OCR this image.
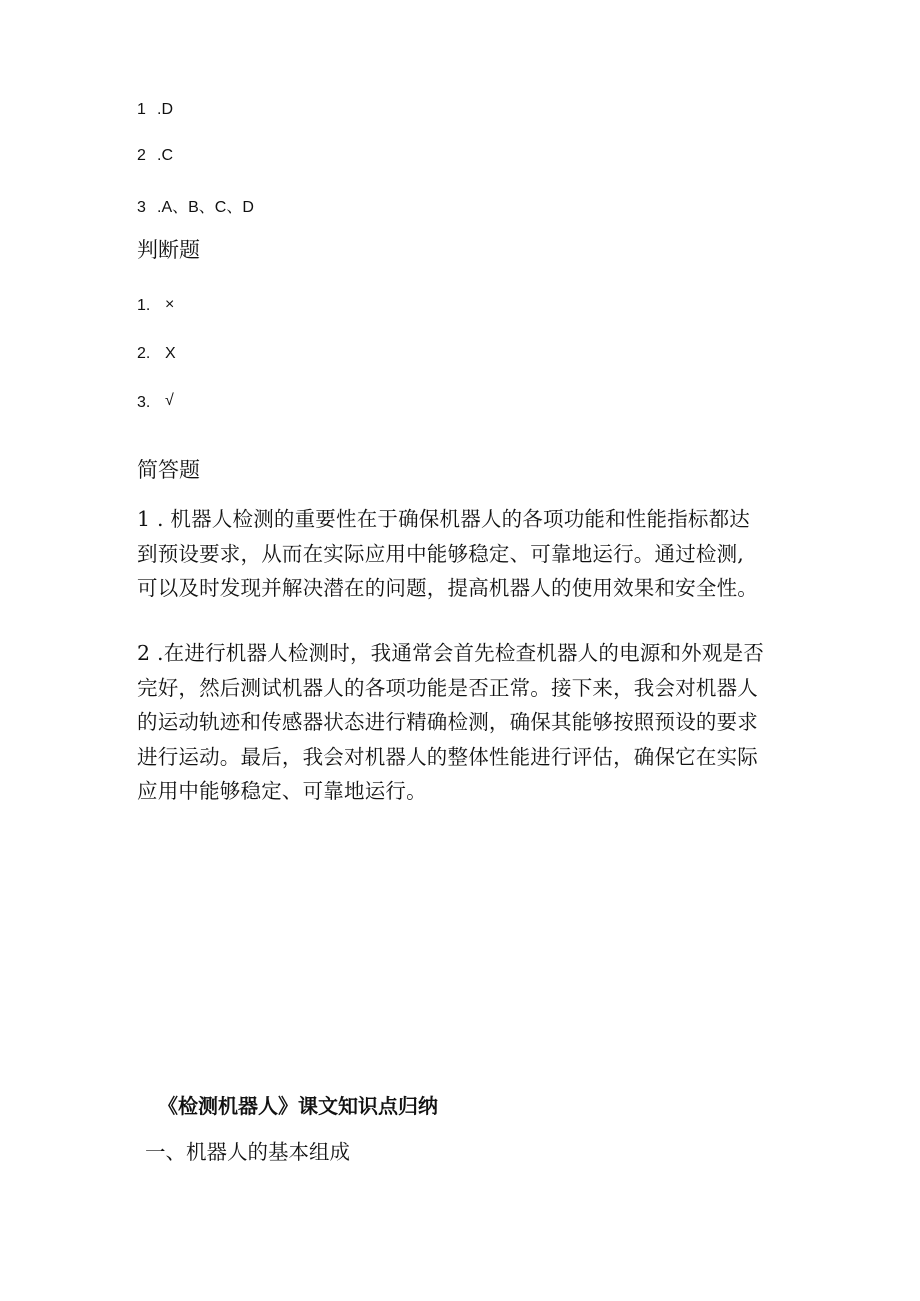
1 .D
2 .C
3 .A、B、C、D
判断题
1. ×
2. X
3. √
简答题
1 . 机器人检测的重要性在于确保机器人的各项功能和性能指标都达
到预设要求，从而在实际应用中能够稳定、可靠地运行。通过检测,
可以及时发现并解决潜在的问题，提高机器人的使用效果和安全性。
2 .在进行机器人检测时，我通常会首先检查机器人的电源和外观是否
完好，然后测试机器人的各项功能是否正常。接下来，我会对机器人
的运动轨迹和传感器状态进行精确检测，确保其能够按照预设的要求
进行运动。最后，我会对机器人的整体性能进行评估，确保它在实际
应用中能够稳定、可靠地运行。
《检测机器人》课文知识点归纳
一、机器人的基本组成
